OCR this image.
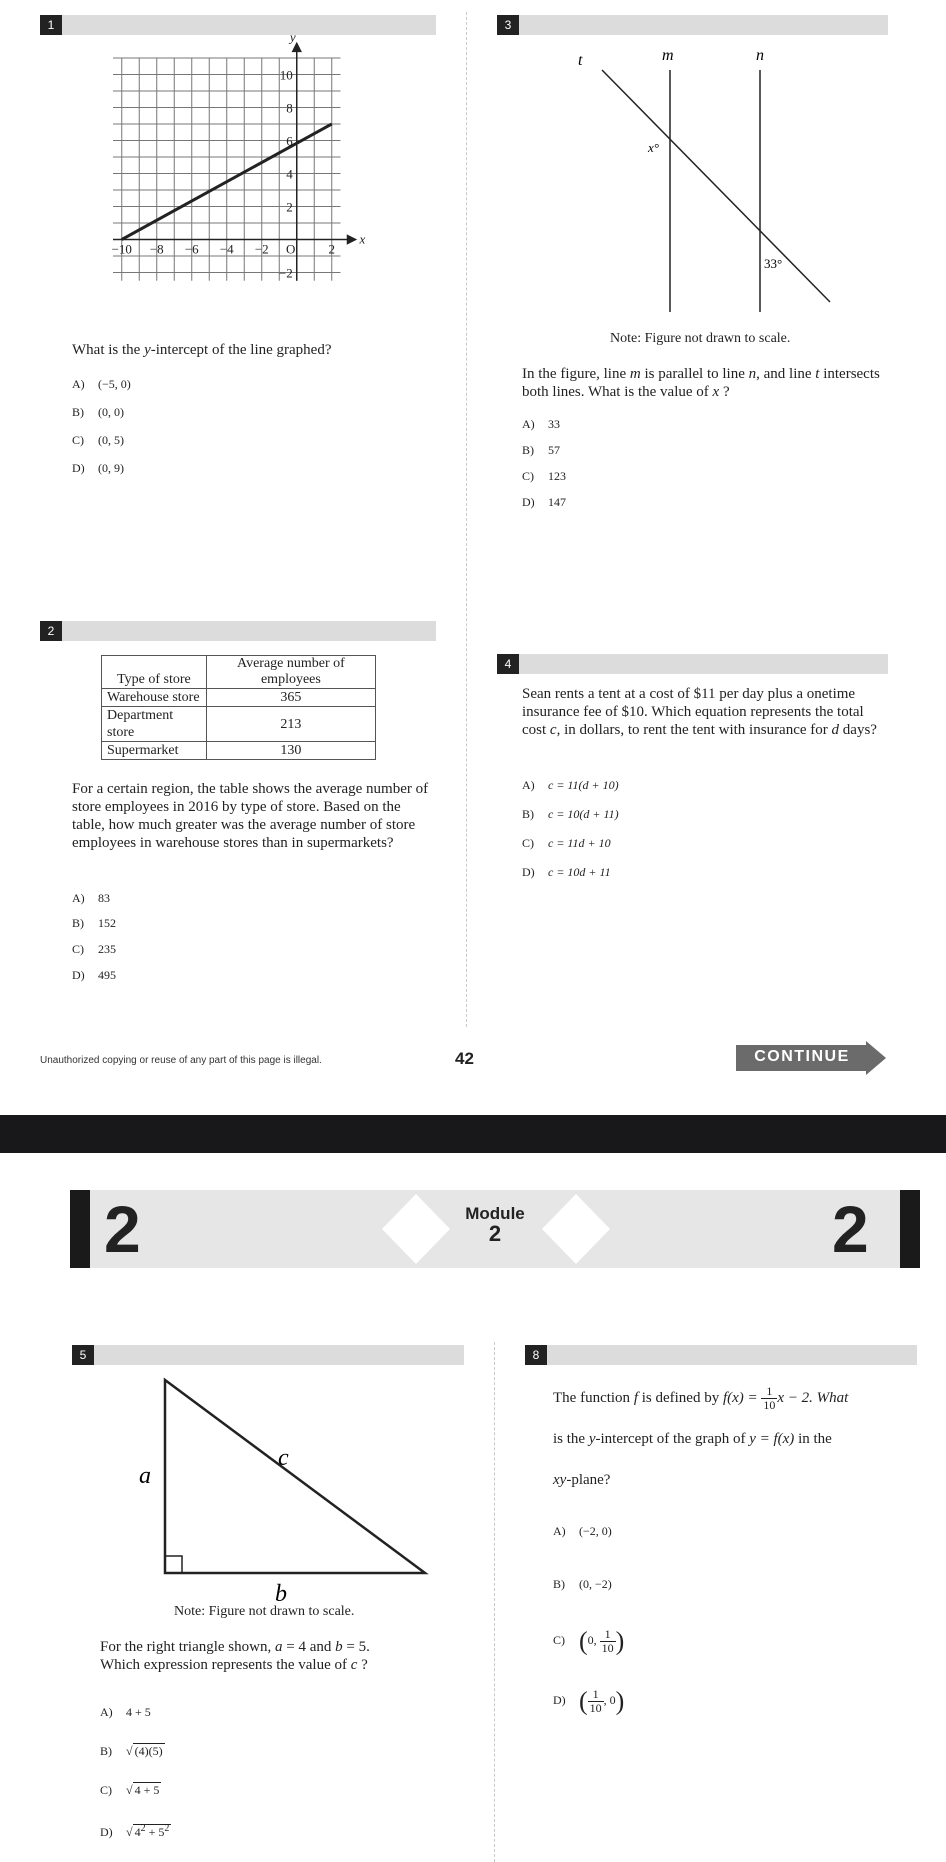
1
10
8
6
4
2
−2
−10 −8 −6 −4 −2 O	2
y
x
What is the y-intercept of the line graphed?
A) (−5, 0)
B) (0, 0)
C) (0, 5)
D) (0, 9)
2
Type of store	Average number of employees
Warehouse store	365
Department store	213
Supermarket	130
For a certain region, the table shows the average number of store employees in 2016 by type of store. Based on the table, how much greater was the average number of store employees in warehouse stores than in supermarkets?
A) 83
B) 152
C) 235
D) 495
3
t	m	n
x°
33°
Note: Figure not drawn to scale.
In the figure, line m is parallel to line n, and line t intersects both lines. What is the value of x ?
A) 33
B) 57
C) 123
D) 147
4
Sean rents a tent at a cost of $11 per day plus a onetime insurance fee of $10. Which equation represents the total cost c, in dollars, to rent the tent with insurance for d days?
A) c = 11(d + 10)
B) c = 10(d + 11)
C) c = 11d + 10
D) c = 10d + 11
Unauthorized copying or reuse of any part of this page is illegal.	42	CONTINUE
2	2
Module
2
5
a
b
c
Note: Figure not drawn to scale.
For the right triangle shown, a = 4 and b = 5.
Which expression represents the value of c ?
A) 4 + 5
B) √ (4)(5)
C) √ 4 + 5
D) √ $4^2 + 5^2$
8
The function f is defined by $f(x) = \frac{1}{10}$ x − 2. What
is the y-intercept of the graph of y = f(x) in the
xy-plane?
A) (−2, 0)
B) (0, −2)
C) (0, $\frac{1}{10}$ )
D) ( $\frac{1}{10}$ , 0)
